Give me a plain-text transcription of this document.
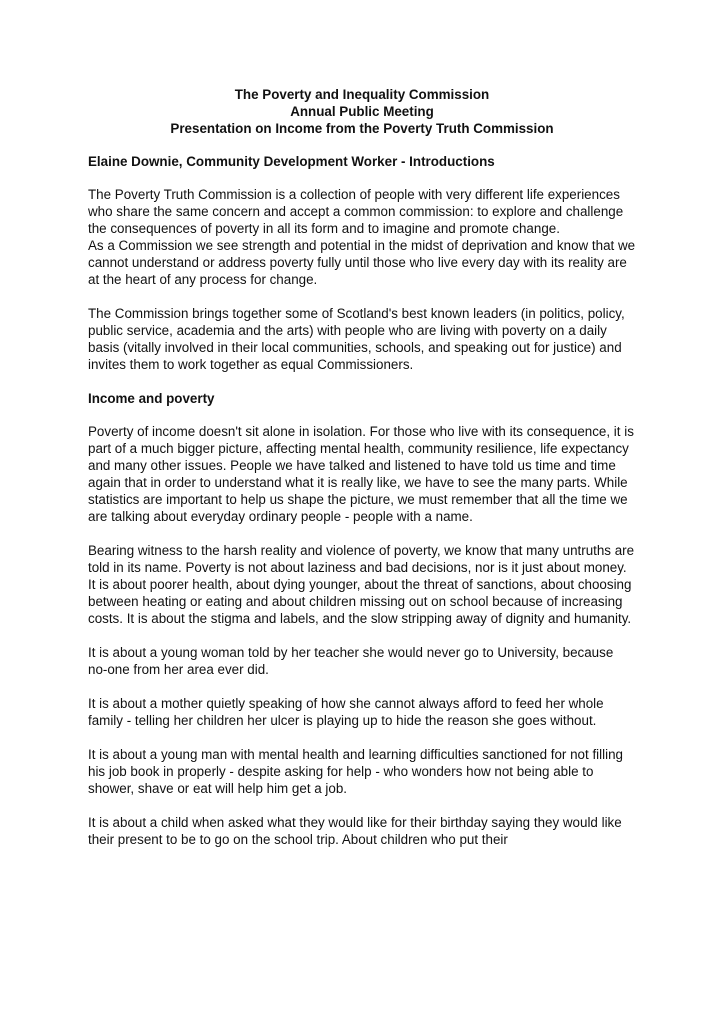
The Poverty and Inequality Commission
Annual Public Meeting
Presentation on Income from the Poverty Truth Commission
Elaine Downie, Community Development Worker - Introductions

The Poverty Truth Commission is a collection of people with very different life experiences who share the same concern and accept a common commission: to explore and challenge the consequences of poverty in all its form and to imagine and promote change.

As a Commission we see strength and potential in the midst of deprivation and know that we cannot understand or address poverty fully until those who live every day with its reality are at the heart of any process for change.

The Commission brings together some of Scotland's best known leaders (in politics, policy, public service, academia and the arts) with people who are living with poverty on a daily basis (vitally involved in their local communities, schools, and speaking out for justice) and invites them to work together as equal Commissioners.

Income and poverty

Poverty of income doesn't sit alone in isolation. For those who live with its consequence, it is part of a much bigger picture, affecting mental health, community resilience, life expectancy and many other issues. People we have talked and listened to have told us time and time again that in order to understand what it is really like, we have to see the many parts. While statistics are important to help us shape the picture, we must remember that all the time we are talking about everyday ordinary people - people with a name.

Bearing witness to the harsh reality and violence of poverty, we know that many untruths are told in its name. Poverty is not about laziness and bad decisions, nor is it just about money. It is about poorer health, about dying younger, about the threat of sanctions, about choosing between heating or eating and about children missing out on school because of increasing costs. It is about the stigma and labels, and the slow stripping away of dignity and humanity.

It is about a young woman told by her teacher she would never go to University, because no-one from her area ever did.

It is about a mother quietly speaking of how she cannot always afford to feed her whole family - telling her children her ulcer is playing up to hide the reason she goes without.

It is about a young man with mental health and learning difficulties sanctioned for not filling his job book in properly - despite asking for help - who wonders how not being able to shower, shave or eat will help him get a job.

It is about a child when asked what they would like for their birthday saying they would like their present to be to go on the school trip. About children who put their
